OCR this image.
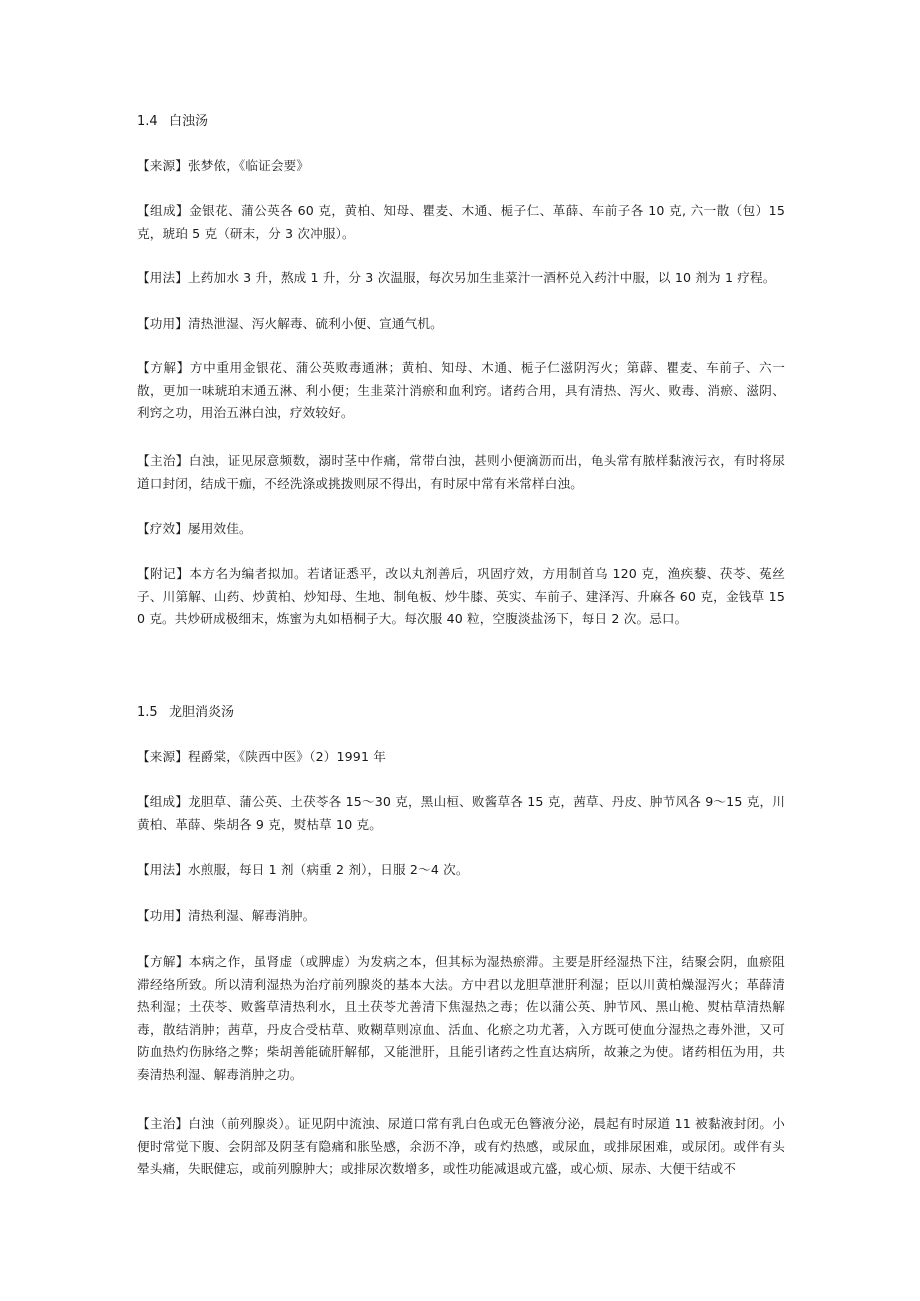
1.4 白浊汤
【来源】张梦侬，《临证会要》
【组成】金银花、蒲公英各 60 克，黄柏、知母、瞿麦、木通、栀子仁、革薛、车前子各 10 克, 六一散（包）15 克，琥珀 5 克（研末，分 3 次冲服）。
【用法】上药加水 3 升，熬成 1 升，分 3 次温服，每次另加生韭菜汁一酒杯兑入药汁中服，以 10 剂为 1 疗程。
【功用】清热泄湿、泻火解毒、硫利小便、宣通气机。
【方解】方中重用金银花、蒲公英败毒通淋；黄柏、知母、木通、栀子仁滋阴泻火；第薜、瞿麦、车前子、六一散，更加一味琥珀末通五淋、利小便；生韭菜汁消瘀和血利窍。诸药合用，具有清热、泻火、败毒、消瘀、滋阴、利窍之功，用治五淋白浊，疗效较好。
【主治】白浊，证见尿意频数，溺时茎中作痛，常带白浊，甚则小便滴沥而出，龟头常有脓样黏液污衣，有时将尿道口封闭，结成干痂，不经洗涤或挑拨则尿不得出，有时尿中常有米常样白浊。
【疗效】屡用效佳。
【附记】本方名为编者拟加。若诸证悉平，改以丸剂善后，巩固疗效，方用制首乌 120 克，渔疾藜、茯苓、菟丝子、川第解、山药、炒黄柏、炒知母、生地、制龟板、炒牛膝、英实、车前子、建泽泻、升麻各 60 克，金钱草 150 克。共炒研成极细末，炼蜜为丸如梧桐子大。每次服 40 粒，空腹淡盐汤下，每日 2 次。忌口。
1.5 龙胆消炎汤
【来源】程爵棠，《陕西中医》（2）1991 年
【组成】龙胆草、蒲公英、土茯苓各 15～30 克，黑山桓、败酱草各 15 克，茜草、丹皮、肿节风各 9～15 克，川黄柏、革薛、柴胡各 9 克，熨枯草 10 克。
【用法】水煎服，每日 1 剂（病重 2 剂），日服 2～4 次。
【功用】清热利湿、解毒消肿。
【方解】本病之作，虽肾虚（或脾虚）为发病之本，但其标为湿热瘀滞。主要是肝经湿热下注，结聚会阴，血瘀阻滞经络所致。所以清利湿热为治疗前列腺炎的基本大法。方中君以龙胆草泄肝利湿；臣以川黄柏燥湿泻火；革薛清热利湿；土茯苓、败酱草清热利水，且土茯苓尤善清下焦湿热之毒；佐以蒲公英、肿节风、黑山桅、熨枯草清热解毒，散结消肿；茜草，丹皮合受枯草、败糊草则凉血、活血、化瘀之功尤著，入方既可使血分湿热之毒外泄，又可防血热灼伤脉络之弊；柴胡善能硫肝解郁，又能泄肝，且能引诸药之性直达病所，故兼之为使。诸药相伍为用，共奏清热利湿、解毒消肿之功。
【主治】白浊（前列腺炎）。证见阴中流浊、尿道口常有乳白色或无色簪液分泌，晨起有时尿道 11 被黏液封闭。小便时常觉下腹、会阴部及阴茎有隐痛和胀坠感，余沥不净，或有灼热感，或尿血，或排尿困难，或尿闭。或伴有头晕头痛，失眠健忘，或前列腺肿大；或排尿次数增多，或性功能减退或亢盛，或心烦、尿赤、大便干结或不
